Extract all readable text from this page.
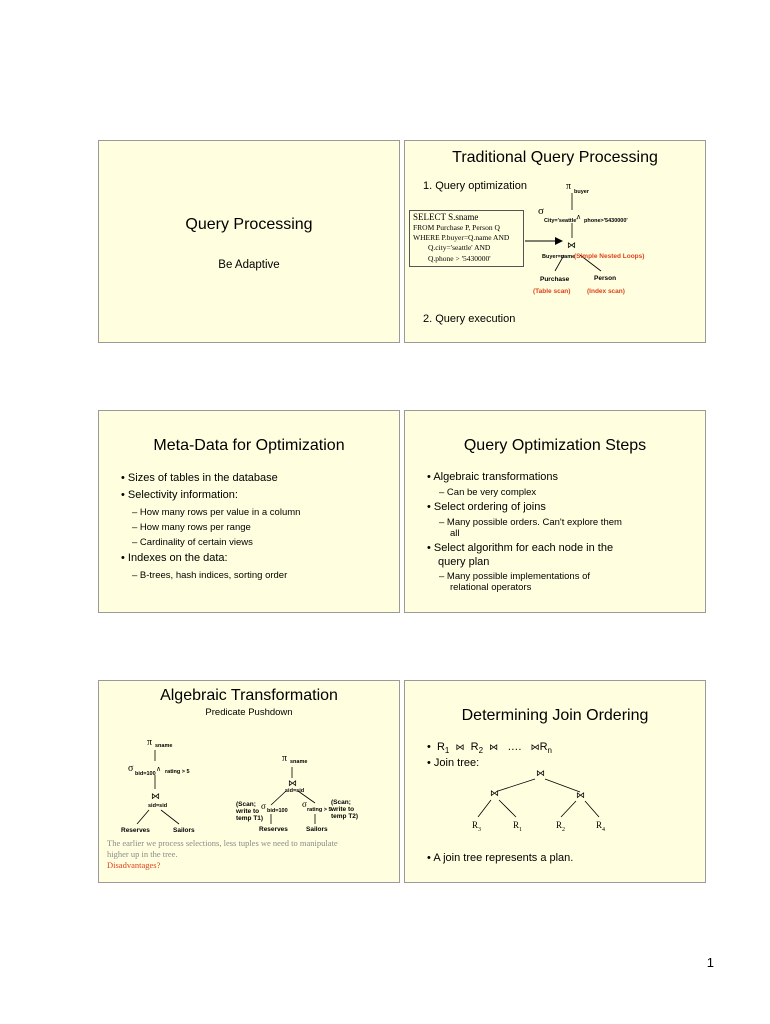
Query Processing
Be Adaptive
Traditional Query Processing
1. Query optimization
SELECT S.sname
FROM Purchase P, Person Q
WHERE P.buyer=Q.name AND
Q.city='seattle' AND
Q.phone > '5430000'
π buyer
σ
City='seattle'
∧ phone>'5430000'
⋈
Buyer=name
(Simple Nested Loops)
Purchase	Person
(Table scan)	(Index scan)
2. Query execution
Meta-Data for Optimization
• Sizes of tables in the database
• Selectivity information:
– How many rows per value in a column
– How many rows per range
– Cardinality of certain views
• Indexes on the data:
– B-trees, hash indices, sorting order
Query Optimization Steps
• Algebraic transformations
– Can be very complex
• Select ordering of joins
– Many possible orders. Can't explore them
all
• Select algorithm for each node in the
query plan
– Many possible implementations of
relational operators
Algebraic Transformation
Predicate Pushdown
π sname
σ bid=100
∧ rating > 5
⋈
sid=sid
Reserves	Sailors
π sname
⋈
sid=sid
(Scan;
write to
temp T1)
σ bid=100
σ
rating > 5
(Scan;
write to
temp T2)
Reserves	Sailors
The earlier we process selections, less tuples we need to manipulate
higher up in the tree.
Disadvantages?
Determining Join Ordering
•  $R_1$ ⋈ $R_2$ ⋈ …. $⋈R_n$
• Join tree:
⋈
⋈	⋈
$R_3$	$R_1$	$R_2$	$R_4$
• A join tree represents a plan.
1
